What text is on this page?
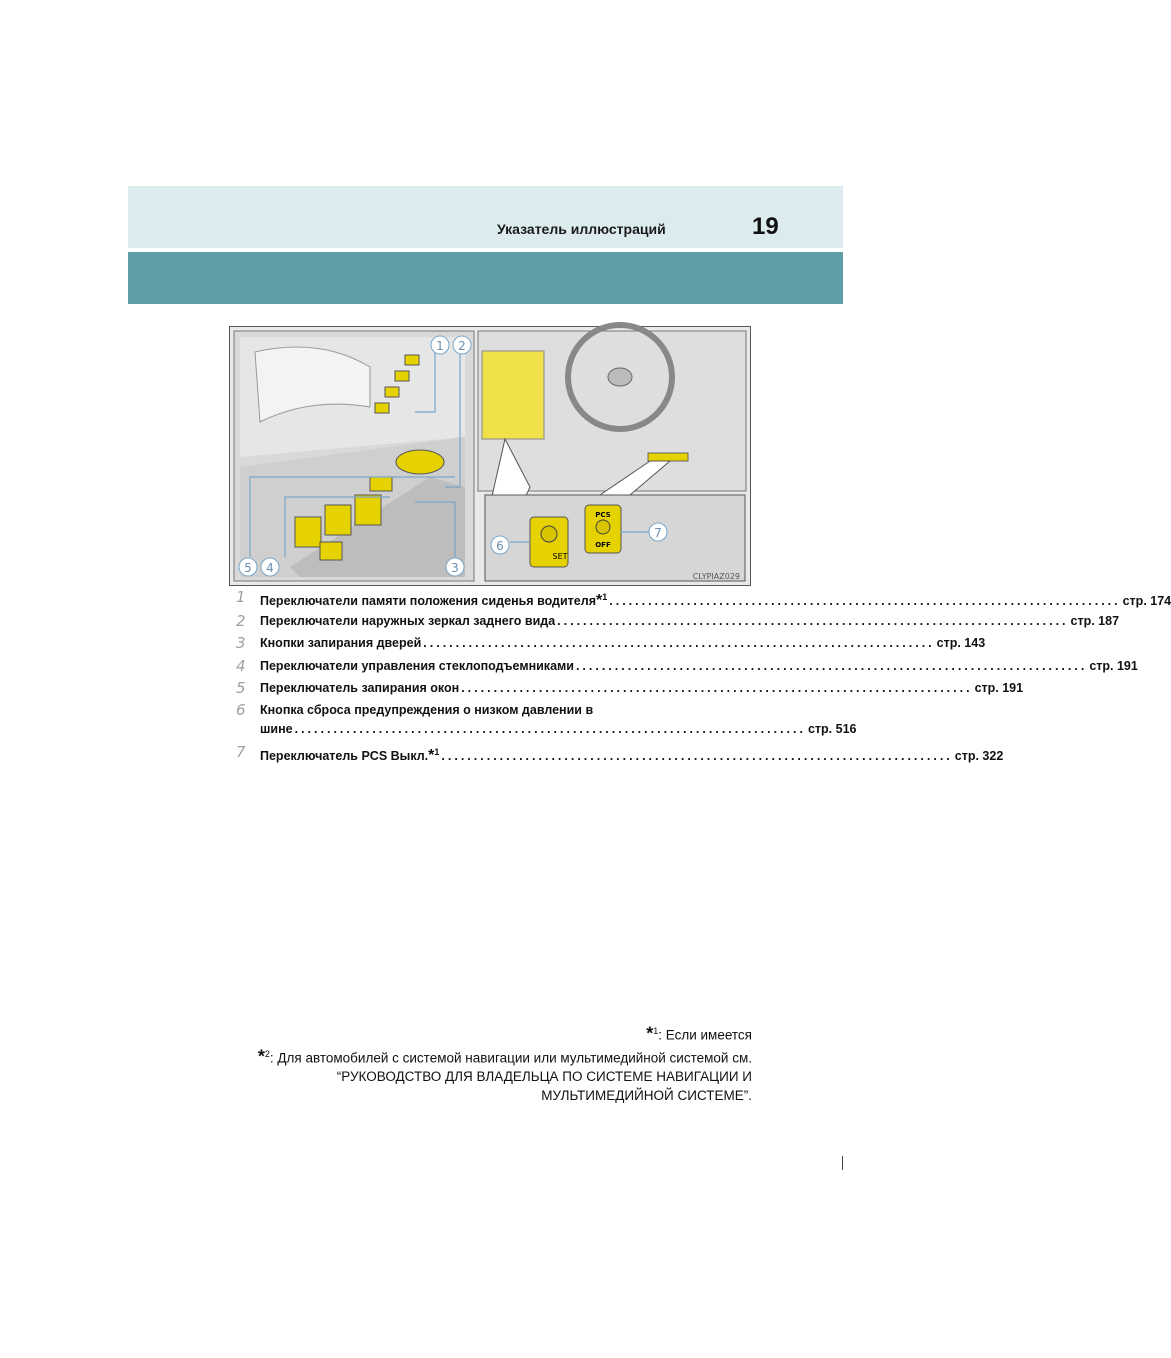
Указатель иллюстраций	19
1 2
3
4
5
SET
PCS
OFF
6
7
CLYPIAZ029
1	Переключатели памяти положения сиденья водителя*$^1$ ............................................................................... стр. 174
2	Переключатели наружных зеркал заднего вида ............................................................................... стр. 187
3	Кнопки запирания дверей ............................................................................... стр. 143
4	Переключатели управления стеклоподъемниками ............................................................................... стр. 191
5	Переключатель запирания окон ............................................................................... стр. 191
6	Кнопка сброса предупреждения о низком давлении в
шине ............................................................................... стр. 516
7	Переключатель PCS Выкл.*$^1$ ............................................................................... стр. 322
*$^1$: Если имеется
*$^2$: Для автомобилей с системой навигации или мультимедийной системой см.
“РУКОВОДСТВО ДЛЯ ВЛАДЕЛЬЦА ПО СИСТЕМЕ НАВИГАЦИИ И
МУЛЬТИМЕДИЙНОЙ СИСТЕМЕ”.
